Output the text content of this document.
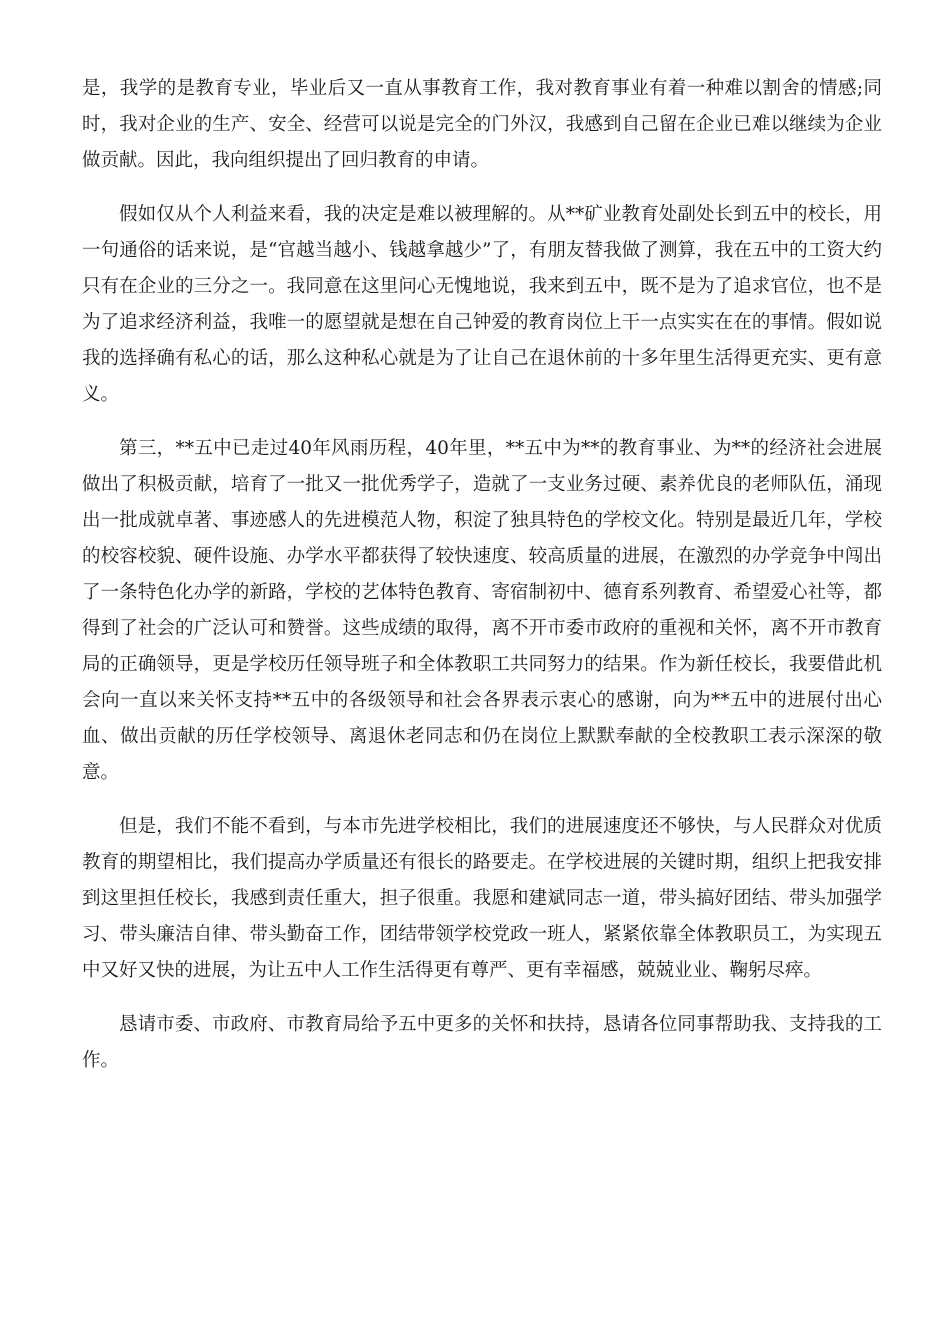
是，我学的是教育专业，毕业后又一直从事教育工作，我对教育事业有着一种难以割舍的情感;同时，我对企业的生产、安全、经营可以说是完全的门外汉，我感到自己留在企业已难以继续为企业做贡献。因此，我向组织提出了回归教育的申请。

假如仅从个人利益来看，我的决定是难以被理解的。从**矿业教育处副处长到五中的校长，用一句通俗的话来说，是“官越当越小、钱越拿越少”了，有朋友替我做了测算，我在五中的工资大约只有在企业的三分之一。我同意在这里问心无愧地说，我来到五中，既不是为了追求官位，也不是为了追求经济利益，我唯一的愿望就是想在自己钟爱的教育岗位上干一点实实在在的事情。假如说我的选择确有私心的话，那么这种私心就是为了让自己在退休前的十多年里生活得更充实、更有意义。

第三，**五中已走过40年风雨历程，40年里，**五中为**的教育事业、为**的经济社会进展做出了积极贡献，培育了一批又一批优秀学子，造就了一支业务过硬、素养优良的老师队伍，涌现出一批成就卓著、事迹感人的先进模范人物，积淀了独具特色的学校文化。特别是最近几年，学校的校容校貌、硬件设施、办学水平都获得了较快速度、较高质量的进展，在激烈的办学竞争中闯出了一条特色化办学的新路，学校的艺体特色教育、寄宿制初中、德育系列教育、希望爱心社等，都得到了社会的广泛认可和赞誉。这些成绩的取得，离不开市委市政府的重视和关怀，离不开市教育局的正确领导，更是学校历任领导班子和全体教职工共同努力的结果。作为新任校长，我要借此机会向一直以来关怀支持**五中的各级领导和社会各界表示衷心的感谢，向为**五中的进展付出心血、做出贡献的历任学校领导、离退休老同志和仍在岗位上默默奉献的全校教职工表示深深的敬意。

但是，我们不能不看到，与本市先进学校相比，我们的进展速度还不够快，与人民群众对优质教育的期望相比，我们提高办学质量还有很长的路要走。在学校进展的关键时期，组织上把我安排到这里担任校长，我感到责任重大，担子很重。我愿和建斌同志一道，带头搞好团结、带头加强学习、带头廉洁自律、带头勤奋工作，团结带领学校党政一班人，紧紧依靠全体教职员工，为实现五中又好又快的进展，为让五中人工作生活得更有尊严、更有幸福感，兢兢业业、鞠躬尽瘁。

恳请市委、市政府、市教育局给予五中更多的关怀和扶持，恳请各位同事帮助我、支持我的工作。
